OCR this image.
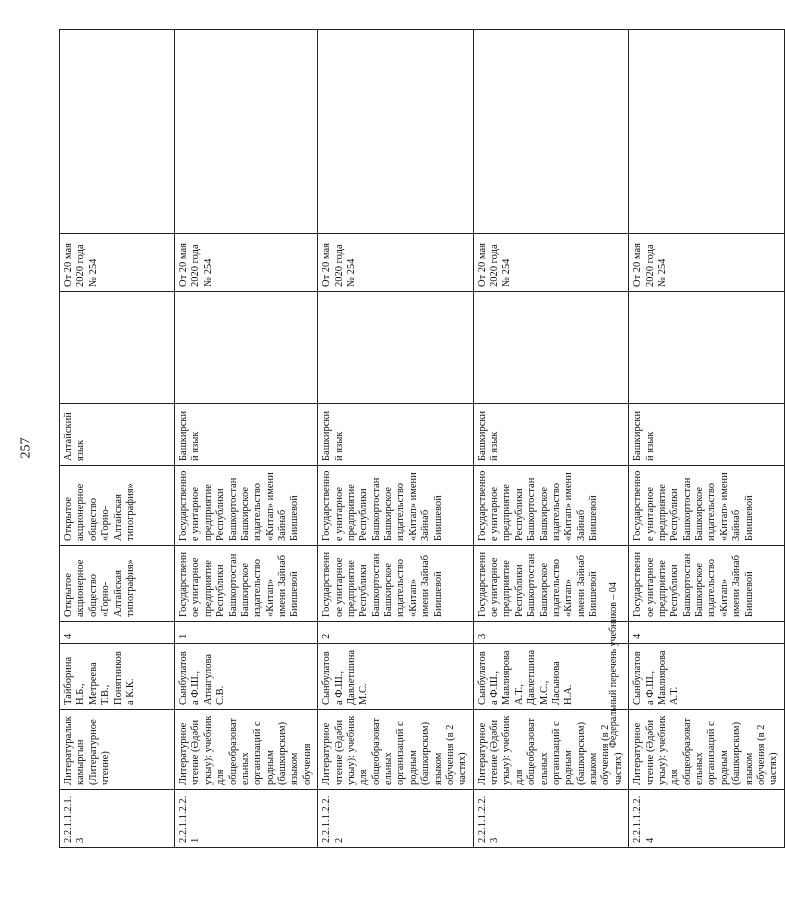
257
2.2.1.1.2.1.3	Литературалык камыргын (Литературное чтение)	Тайборина Н.Б., Метреева Т.В., Понятникова К.К.	4	Открытое акционерное общество «Горно-Алтайская типография»	Открытое акционерное общество «Горно-Алтайская типография»	Алтайский язык		От 20 мая 2020 года № 254	
2.2.1.1.2.2.1	Литературное чтение (Әдәби уҡыу): учебник для общеобразовательных организаций с родным (башкирским) языком обучения	Сынбулатова Ф.Ш., Атнагулова С.В.	1	Государственное унитарное предприятие Республики Башкортостан Башкирское издательство «Китап» имени Зайнаб Биишевой	Государственное унитарное предприятие Республики Башкортостан Башкирское издательство «Китап» имени Зайнаб Биишевой	Башкирский язык		От 20 мая 2020 года № 254	
2.2.1.1.2.2.2	Литературное чтение (Әдәби уҡыу): учебник для общеобразовательных организаций с родным (башкирским) языком обучения (в 2 частях)	Сынбулатова Ф.Ш., Давлетшина М.С.	2	Государственное унитарное предприятие Республики Башкортостан Башкирское издательство «Китап» имени Зайнаб Биишевой	Государственное унитарное предприятие Республики Башкортостан Башкирское издательство «Китап» имени Зайнаб Биишевой	Башкирский язык		От 20 мая 2020 года № 254	
2.2.1.1.2.2.3	Литературное чтение (Әдәби уҡыу): учебник для общеобразовательных организаций с родным (башкирским) языком обучения (в 2 частях)	Сынбулатова Ф.Ш., Мавлиярова А.Т., Давлетшина М.С., Ласынова Н.А.	3	Государственное унитарное предприятие Республики Башкортостан Башкирское издательство «Китап» имени Зайнаб Биишевой	Государственное унитарное предприятие Республики Башкортостан Башкирское издательство «Китап» имени Зайнаб Биишевой	Башкирский язык		От 20 мая 2020 года № 254	
2.2.1.1.2.2.4	Литературное чтение (Әдәби уҡыу): учебник для общеобразовательных организаций с родным (башкирским) языком обучения (в 2 частях)	Сынбулатова Ф.Ш., Мавлиярова А.Т.	4	Государственное унитарное предприятие Республики Башкортостан Башкирское издательство «Китап» имени Зайнаб Биишевой	Государственное унитарное предприятие Республики Башкортостан Башкирское издательство «Китап» имени Зайнаб Биишевой	Башкирский язык		От 20 мая 2020 года № 254	
Федеральный перечень учебников – 04
